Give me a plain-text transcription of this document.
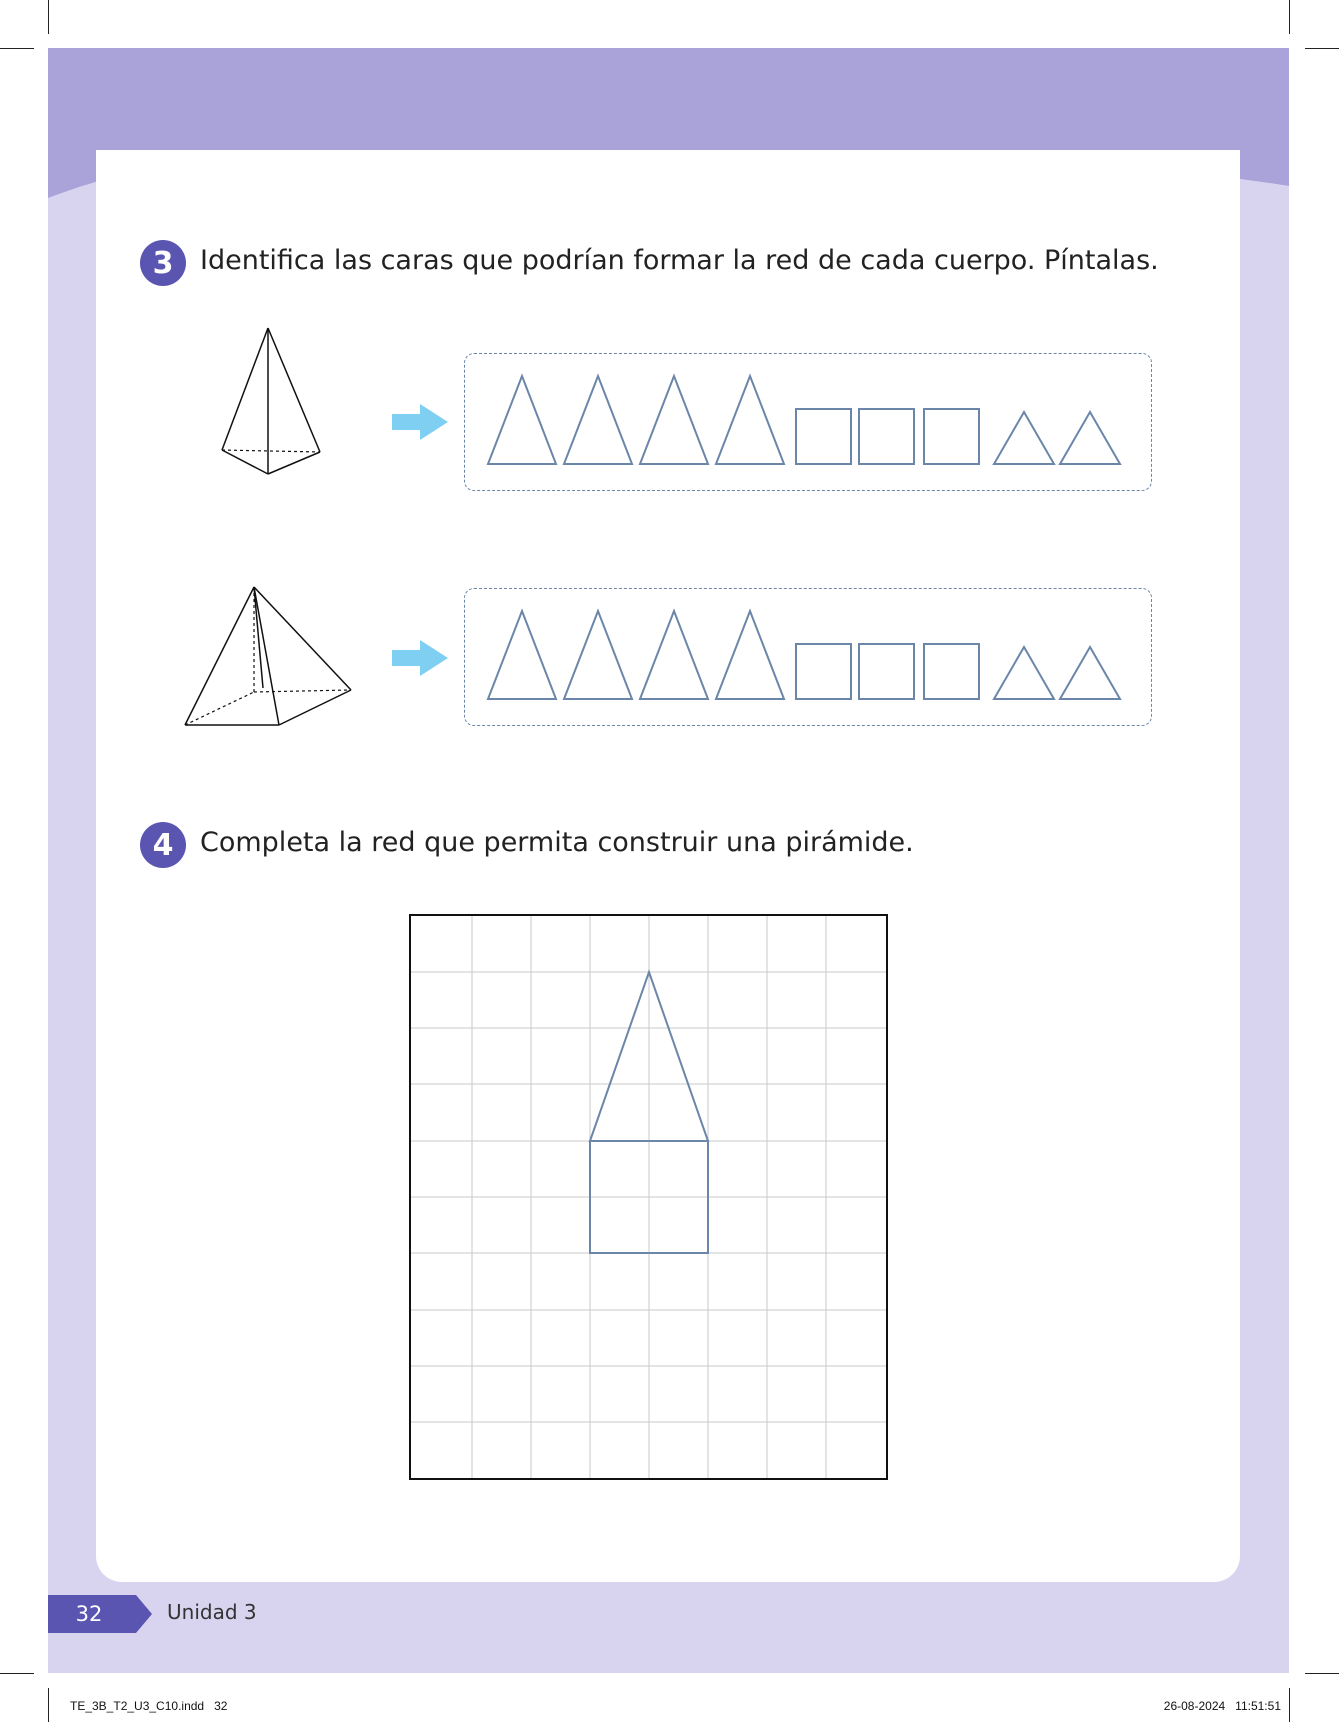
3 Identifica las caras que podrían formar la red de cada cuerpo. Píntalas.
4 Completa la red que permita construir una pirámide.
32	Unidad 3
TE_3B_T2_U3_C10.indd   32	26-08-2024   11:51:51
